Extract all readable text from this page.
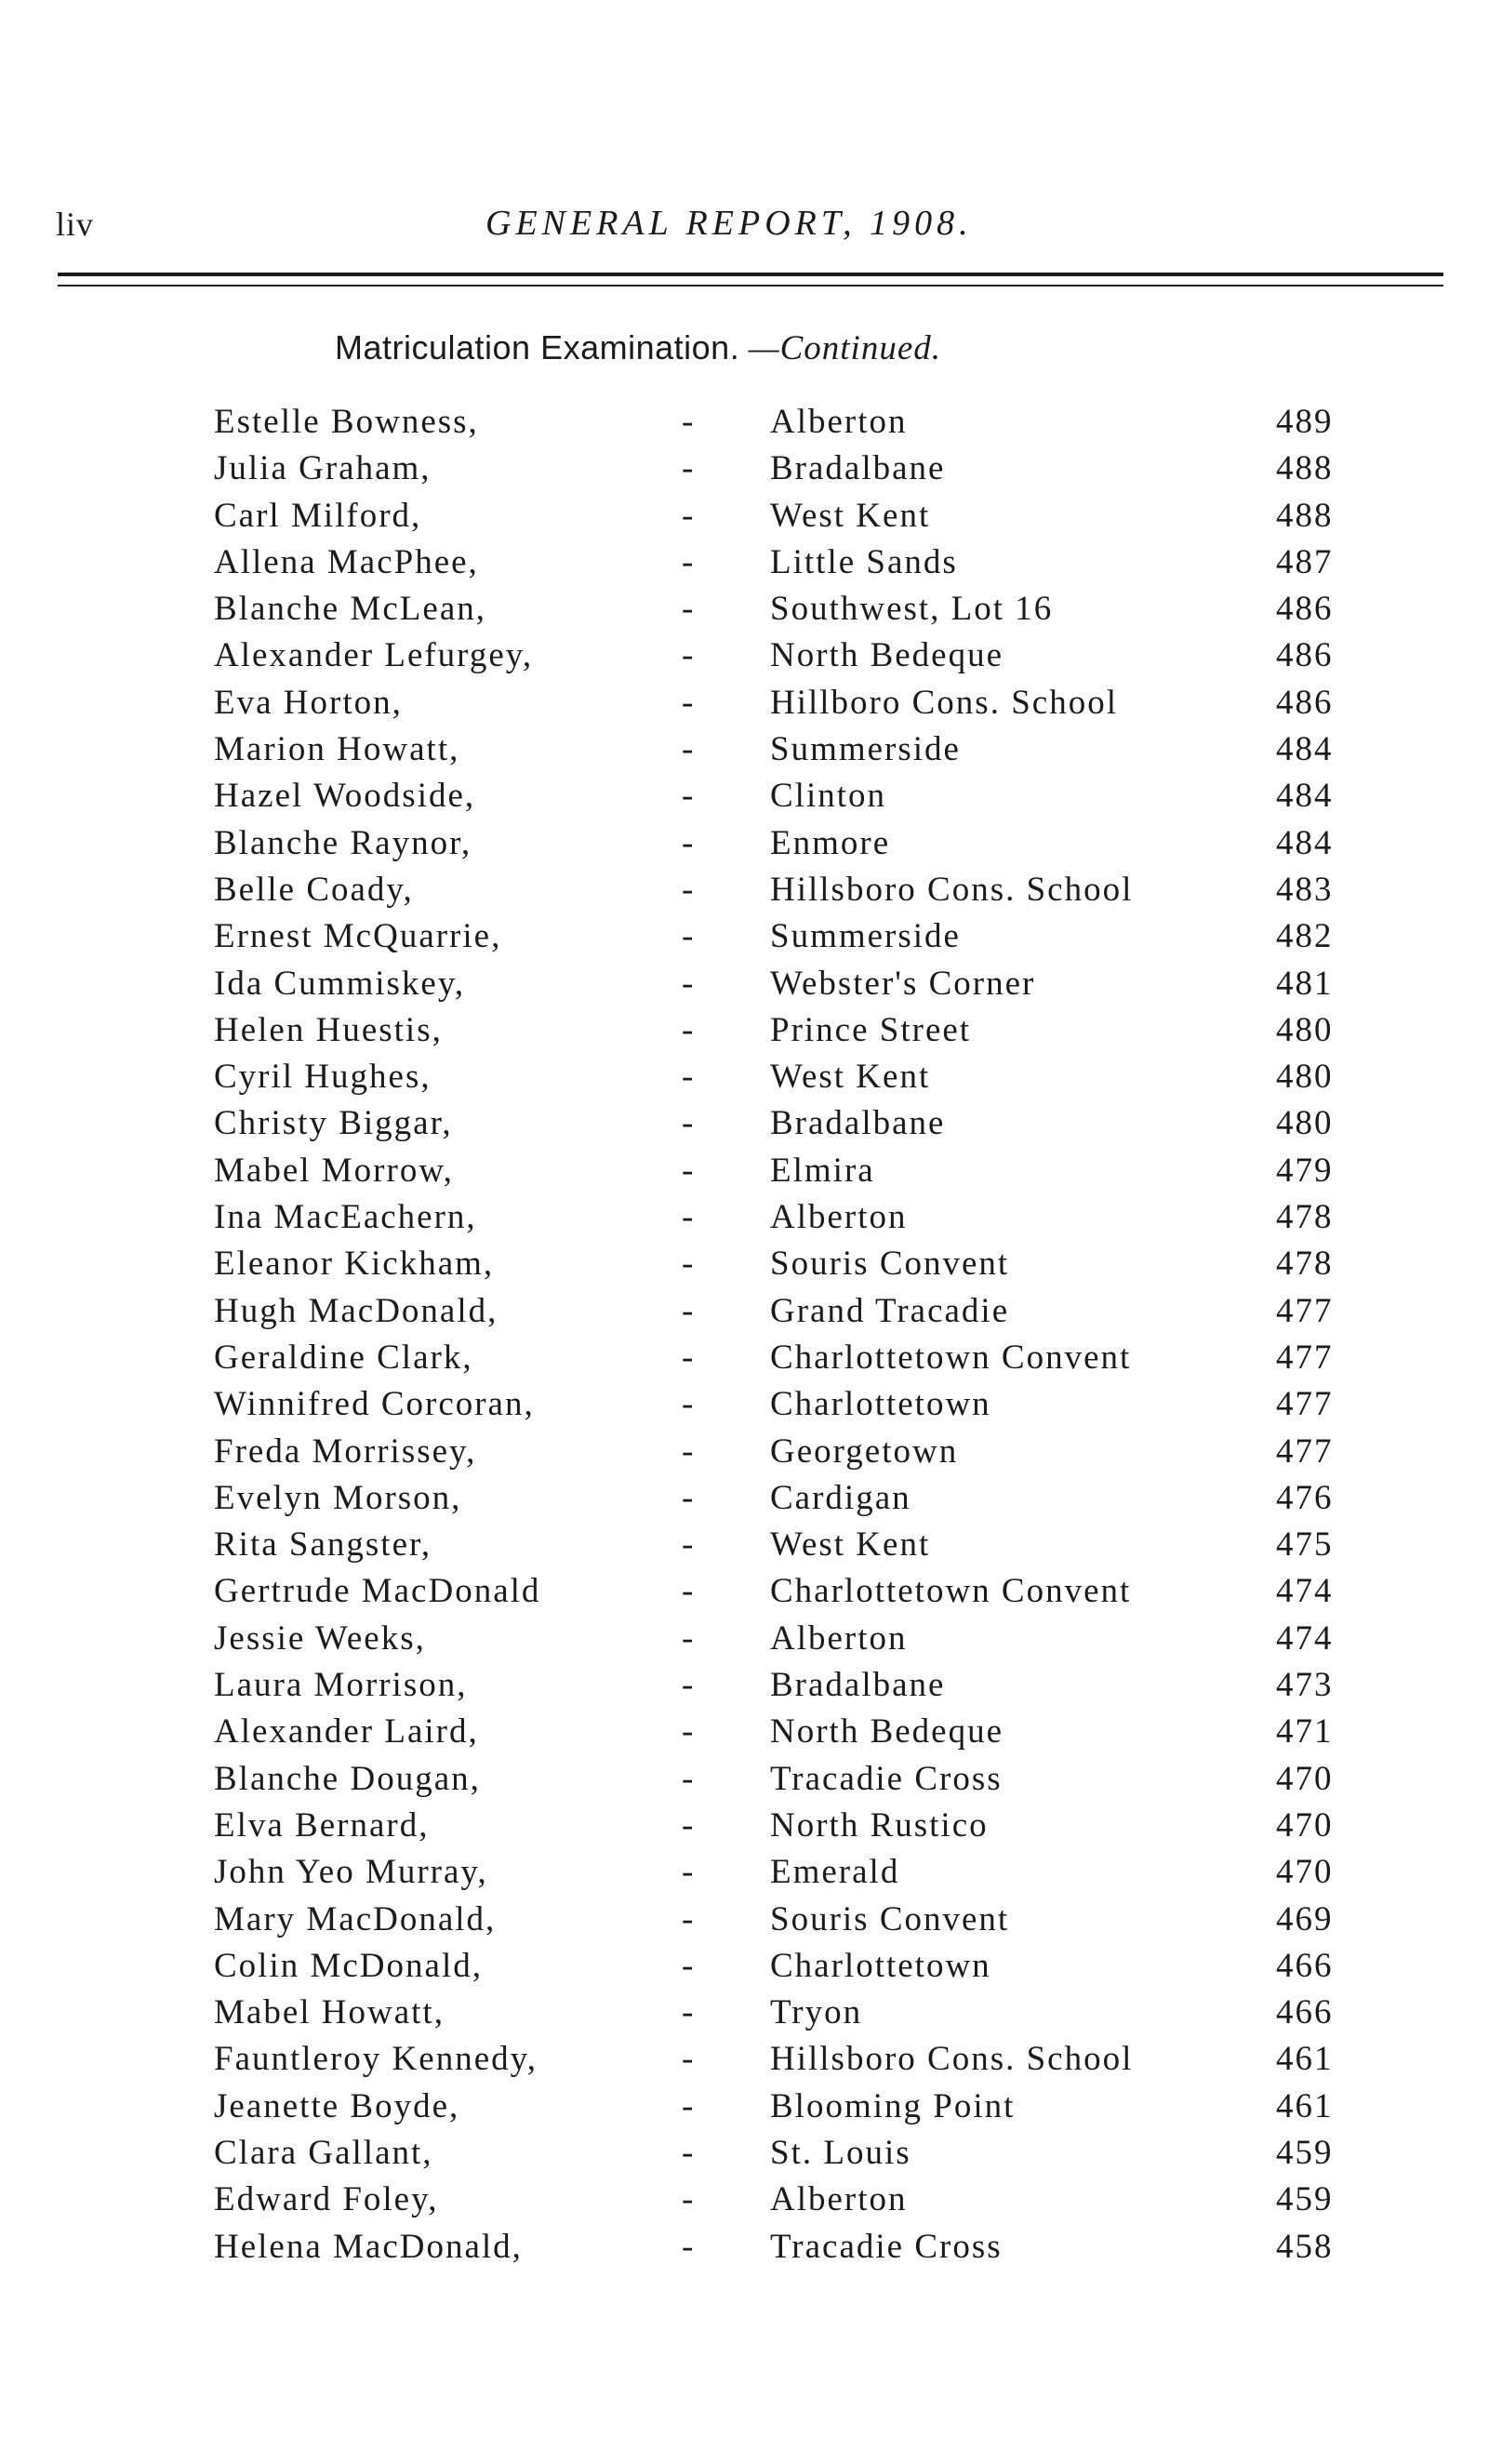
liv	GENERAL REPORT, 1908.
Matriculation Examination. —Continued.
Estelle Bowness,	- Alberton	489
Julia Graham,	- Bradalbane	488
Carl Milford,	- West Kent	488
Allena MacPhee,	- Little Sands	487
Blanche McLean,	- Southwest, Lot 16	486
Alexander Lefurgey,	- North Bedeque	486
Eva Horton,	- Hillboro Cons. School	486
Marion Howatt,	- Summerside	484
Hazel Woodside,	- Clinton	484
Blanche Raynor,	- Enmore	484
Belle Coady,	- Hillsboro Cons. School	483
Ernest McQuarrie,	- Summerside	482
Ida Cummiskey,	- Webster's Corner	481
Helen Huestis,	- Prince Street	480
Cyril Hughes,	- West Kent	480
Christy Biggar,	- Bradalbane	480
Mabel Morrow,	- Elmira	479
Ina MacEachern,	- Alberton	478
Eleanor Kickham,	- Souris Convent	478
Hugh MacDonald,	- Grand Tracadie	477
Geraldine Clark,	- Charlottetown Convent	477
Winnifred Corcoran,	- Charlottetown	477
Freda Morrissey,	- Georgetown	477
Evelyn Morson,	- Cardigan	476
Rita Sangster,	- West Kent	475
Gertrude MacDonald	- Charlottetown Convent	474
Jessie Weeks,	- Alberton	474
Laura Morrison,	- Bradalbane	473
Alexander Laird,	- North Bedeque	471
Blanche Dougan,	- Tracadie Cross	470
Elva Bernard,	- North Rustico	470
John Yeo Murray,	- Emerald	470
Mary MacDonald,	- Souris Convent	469
Colin McDonald,	- Charlottetown	466
Mabel Howatt,	- Tryon	466
Fauntleroy Kennedy,	- Hillsboro Cons. School	461
Jeanette Boyde,	- Blooming Point	461
Clara Gallant,	- St. Louis	459
Edward Foley,	- Alberton	459
Helena MacDonald,	- Tracadie Cross	458
